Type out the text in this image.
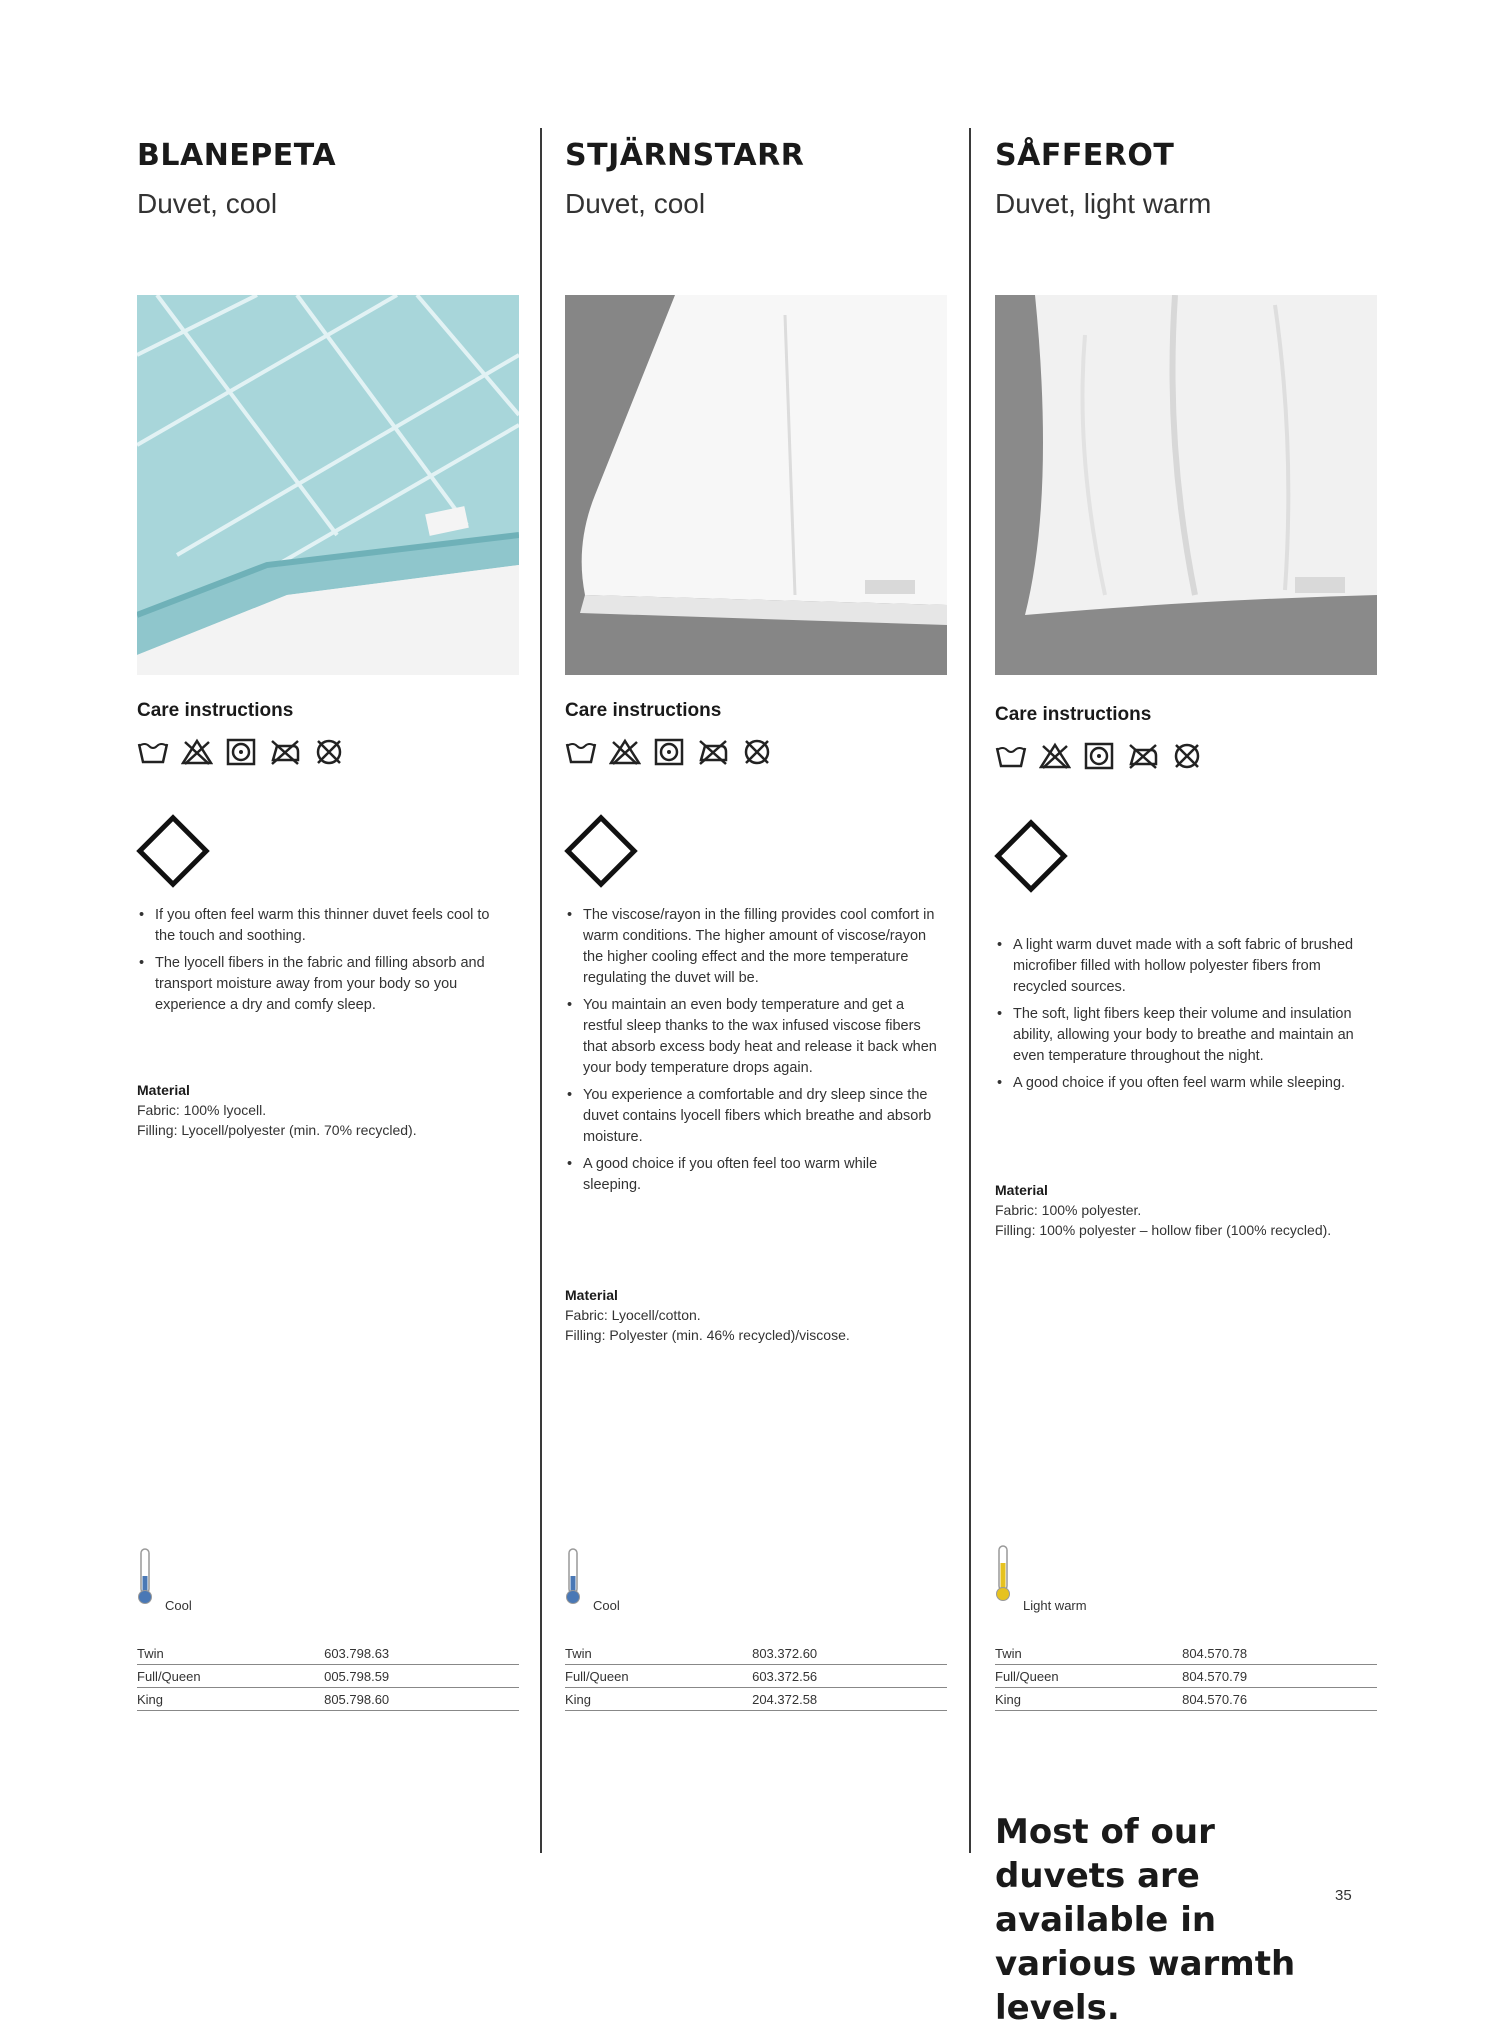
BLANEPETA
Duvet, cool
Care instructions
• If you often feel warm this thinner duvet feels cool to the touch and soothing.
• The lyocell fibers in the fabric and filling absorb and transport moisture away from your body so you experience a dry and comfy sleep.
Material
Fabric: 100% lyocell.
Filling: Lyocell/polyester (min. 70% recycled).
Cool
Twin	603.798.63
Full/Queen	005.798.59
King	805.798.60
STJÄRNSTARR
Duvet, cool
Care instructions
• The viscose/rayon in the filling provides cool comfort in warm conditions. The higher amount of viscose/rayon the higher cooling effect and the more temperature regulating the duvet will be.
• You maintain an even body temperature and get a restful sleep thanks to the wax infused viscose fibers that absorb excess body heat and release it back when your body temperature drops again.
• You experience a comfortable and dry sleep since the duvet contains lyocell fibers which breathe and absorb moisture.
• A good choice if you often feel too warm while sleeping.
Material
Fabric: Lyocell/cotton.
Filling: Polyester (min. 46% recycled)/viscose.
Cool
Twin	803.372.60
Full/Queen	603.372.56
King	204.372.58
SÅFFEROT
Duvet, light warm
Care instructions
• A light warm duvet made with a soft fabric of brushed microfiber filled with hollow polyester fibers from recycled sources.
• The soft, light fibers keep their volume and insulation ability, allowing your body to breathe and maintain an even temperature throughout the night.
• A good choice if you often feel warm while sleeping.
Material
Fabric: 100% polyester.
Filling: 100% polyester – hollow fiber (100% recycled).
Light warm
Twin	804.570.78
Full/Queen	804.570.79
King	804.570.76
Most of our duvets are available in various warmth levels.
35
